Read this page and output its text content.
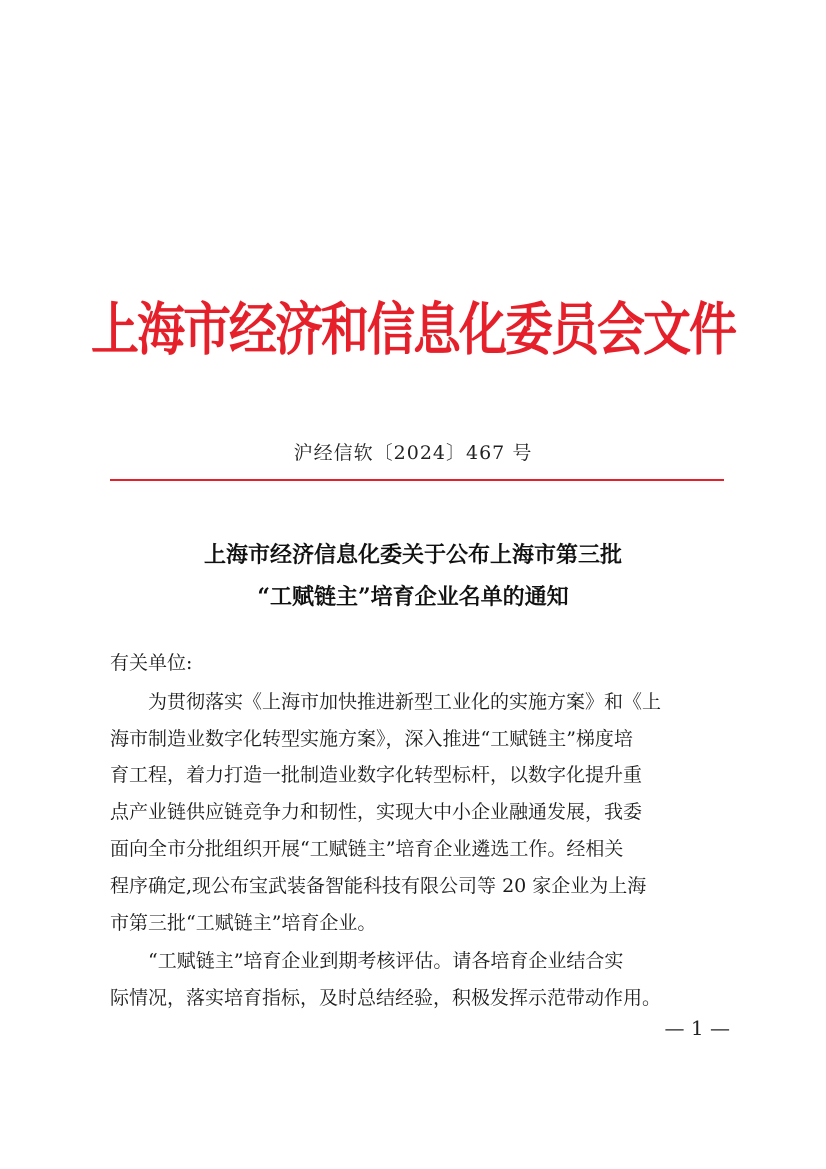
上海市经济和信息化委员会文件
沪经信软〔2024〕467 号
上海市经济信息化委关于公布上海市第三批
“工赋链主”培育企业名单的通知

有关单位:

　　为贯彻落实《上海市加快推进新型工业化的实施方案》和《上

海市制造业数字化转型实施方案》，深入推进“工赋链主”梯度培

育工程，着力打造一批制造业数字化转型标杆，以数字化提升重

点产业链供应链竞争力和韧性，实现大中小企业融通发展，我委

面向全市分批组织开展“工赋链主”培育企业遴选工作。经相关

程序确定,现公布宝武装备智能科技有限公司等 20 家企业为上海

市第三批“工赋链主”培育企业。

　　“工赋链主”培育企业到期考核评估。请各培育企业结合实

际情况，落实培育指标，及时总结经验，积极发挥示范带动作用。

— 1 —
